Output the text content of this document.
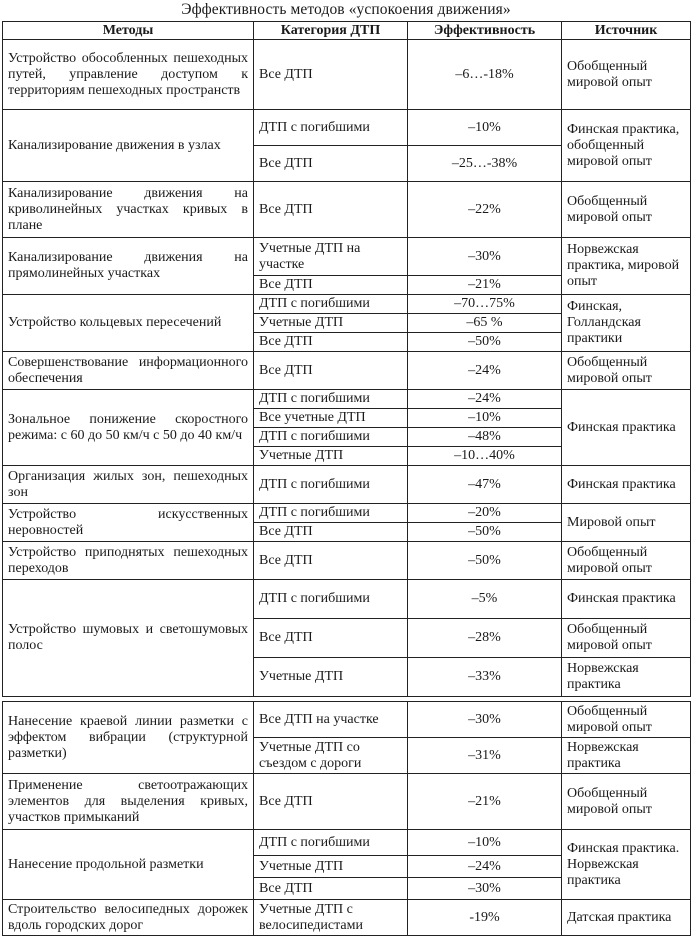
Эффективность методов «успокоения движения»
Методы	Категория ДТП	Эффективность	Источник
Устройство обособленных пешеходных путей, управление доступом к территориям пешеходных пространств	Все ДТП	–6…-18%	Обобщенный мировой опыт
Канализирование движения в узлах	ДТП с погибшими	–10%	Финская практика, обобщенный мировой опыт
	Все ДТП	–25…-38%	
Канализирование движения на криволинейных участках кривых в плане	Все ДТП	–22%	Обобщенный мировой опыт
Канализирование движения на прямолинейных участках	Учетные ДТП на участке	–30%	Норвежская практика, мировой опыт
	Все ДТП	–21%	
Устройство кольцевых пересечений	ДТП с погибшими	–70…75%	Финская, Голландская практики
	Учетные ДТП	–65 %	
	Все ДТП	–50%	
Совершенствование информационного обеспечения	Все ДТП	–24%	Обобщенный мировой опыт
Зональное понижение скоростного режима: с 60 до 50 км/ч с 50 до 40 км/ч	ДТП с погибшими	–24%	Финская практика
	Все учетные ДТП	–10%	
	ДТП с погибшими	–48%	
	Учетные ДТП	–10…40%	
Организация жилых зон, пешеходных зон	ДТП с погибшими	–47%	Финская практика
Устройство искусственных неровностей	ДТП с погибшими	–20%	Мировой опыт
	Все ДТП	–50%	
Устройство приподнятых пешеходных переходов	Все ДТП	–50%	Обобщенный мировой опыт
Устройство шумовых и светошумовых полос	ДТП с погибшими	–5%	Финская практика
	Все ДТП	–28%	Обобщенный мировой опыт
	Учетные ДТП	–33%	Норвежская практика

Нанесение краевой линии разметки с эффектом вибрации (структурной разметки)	Все ДТП на участке	–30%	Обобщенный мировой опыт
	Учетные ДТП со съездом с дороги	–31%	Норвежская практика
Применение светоотражающих элементов для выделения кривых, участков примыканий	Все ДТП	–21%	Обобщенный мировой опыт
Нанесение продольной разметки	ДТП с погибшими	–10%	Финская практика. Норвежская практика
	Учетные ДТП	–24%	
	Все ДТП	–30%	
Строительство велосипедных дорожек вдоль городских дорог	Учетные ДТП с велосипедистами	-19%	Датская практика
